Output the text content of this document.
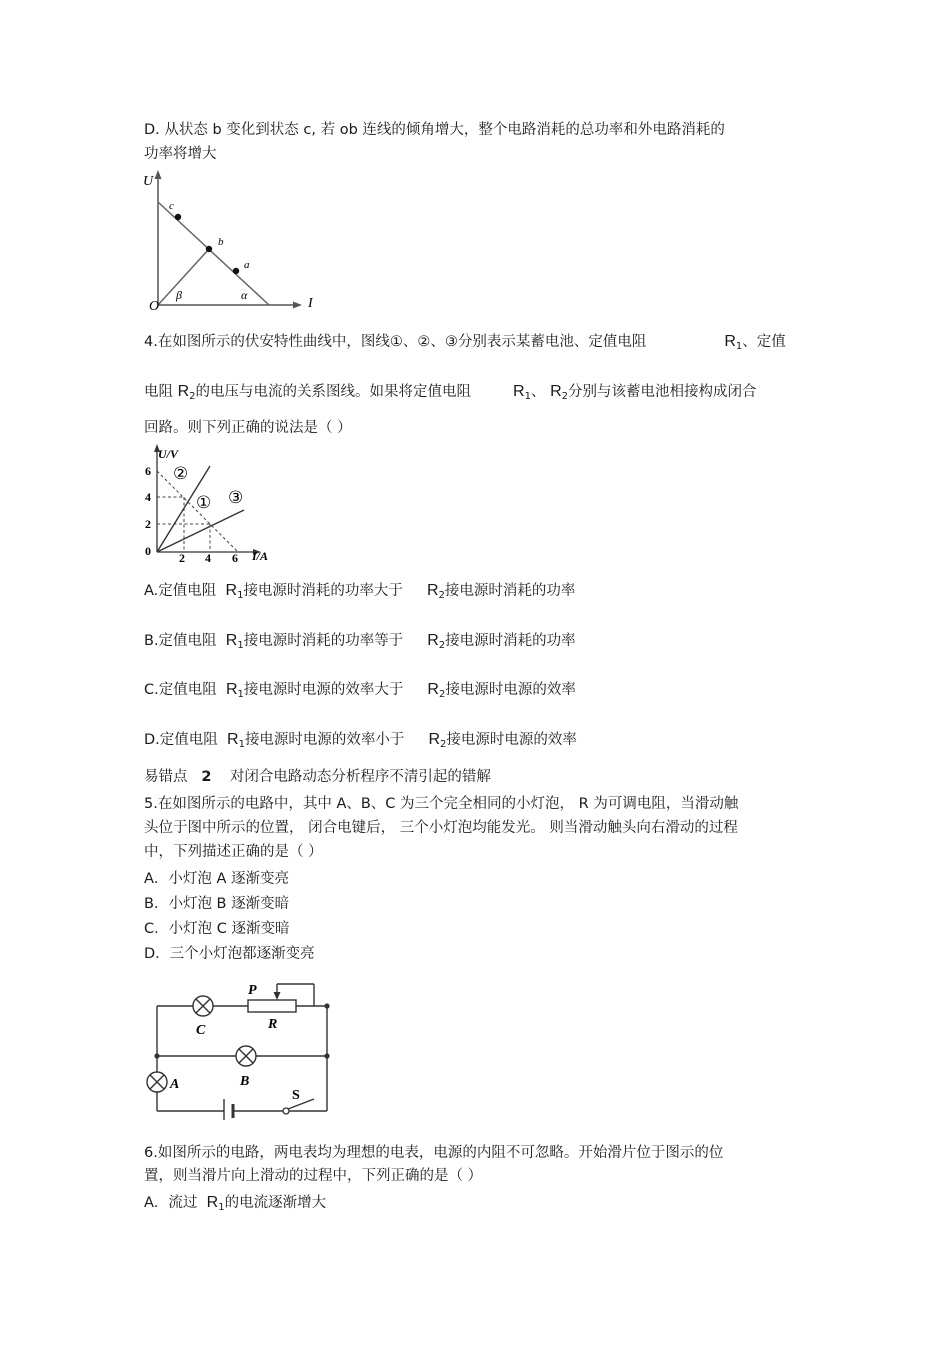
D. 从状态 b 变化到状态 c, 若 ob 连线的倾角增大，整个电路消耗的总功率和外电路消耗的
功率将增大
U
I
O
c
b
a
α
β
4.在如图所示的伏安特性曲线中，图线①、②、③分别表示某蓄电池、定值电阻	$R_1$、定值
电阻 $R_2$的电压与电流的关系图线。如果将定值电阻	$R_1$、 $R_2$分别与该蓄电池相接构成闭合
回路。则下列正确的说法是（ ）
U/V
I/A
0
6
4
2
2 4 6
②
① ③
A.定值电阻 $R_1$接电源时消耗的功率大于 $R_2$接电源时消耗的功率
B.定值电阻 $R_1$接电源时消耗的功率等于 $R_2$接电源时消耗的功率
C.定值电阻 $R_1$接电源时电源的效率大于 $R_2$接电源时电源的效率
D.定值电阻 $R_1$接电源时电源的效率小于 $R_2$接电源时电源的效率
易错点 2 对闭合电路动态分析程序不清引起的错解
5.在如图所示的电路中，其中 A、B、C 为三个完全相同的小灯泡， R 为可调电阻，当滑动触
头位于图中所示的位置， 闭合电键后， 三个小灯泡均能发光。 则当滑动触头向右滑动的过程
中，下列描述正确的是（ ）
A．小灯泡 A 逐渐变亮
B．小灯泡 B 逐渐变暗
C．小灯泡 C 逐渐变暗
D．三个小灯泡都逐渐变亮
P
R
C
B
A
S
6.如图所示的电路，两电表均为理想的电表，电源的内阻不可忽略。开始滑片位于图示的位
置，则当滑片向上滑动的过程中，下列正确的是（ ）
A．流过 $R_1$的电流逐渐增大
